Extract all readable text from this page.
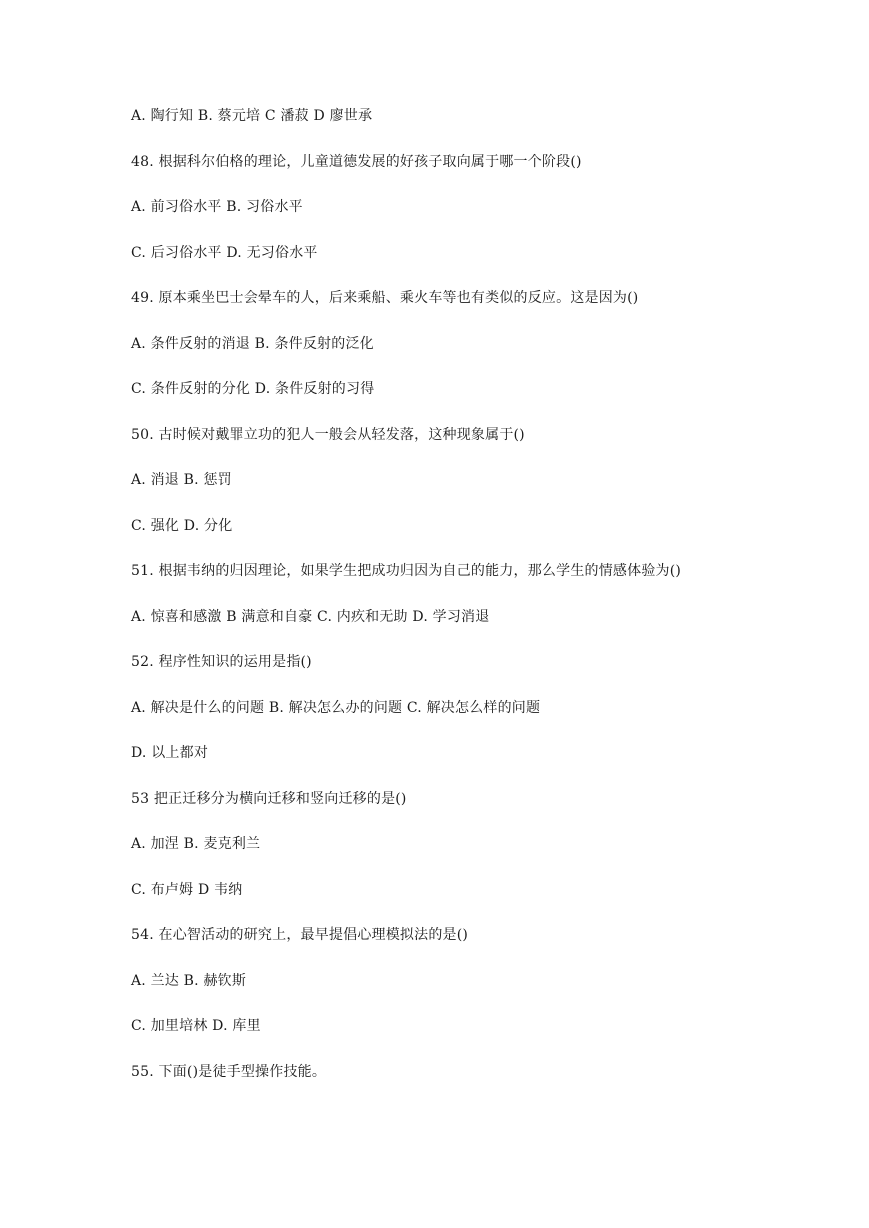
A. 陶行知 B. 蔡元培 C 潘菽 D 廖世承
48. 根据科尔伯格的理论，儿童道德发展的好孩子取向属于哪一个阶段()
A. 前习俗水平 B. 习俗水平
C. 后习俗水平 D. 无习俗水平
49. 原本乘坐巴士会晕车的人，后来乘船、乘火车等也有类似的反应。这是因为()
A. 条件反射的消退 B. 条件反射的泛化
C. 条件反射的分化 D. 条件反射的习得
50. 古时候对戴罪立功的犯人一般会从轻发落，这种现象属于()
A. 消退 B. 惩罚
C. 强化 D. 分化
51. 根据韦纳的归因理论，如果学生把成功归因为自己的能力，那么学生的情感体验为()
A. 惊喜和感激 B 满意和自豪 C. 内疚和无助 D. 学习消退
52. 程序性知识的运用是指()
A. 解决是什么的问题 B. 解决怎么办的问题 C. 解决怎么样的问题
D. 以上都对
53 把正迁移分为横向迁移和竖向迁移的是()
A. 加涅 B. 麦克利兰
C. 布卢姆 D 韦纳
54. 在心智活动的研究上，最早提倡心理模拟法的是()
A. 兰达 B. 赫钦斯
C. 加里培林 D. 库里
55. 下面()是徒手型操作技能。
